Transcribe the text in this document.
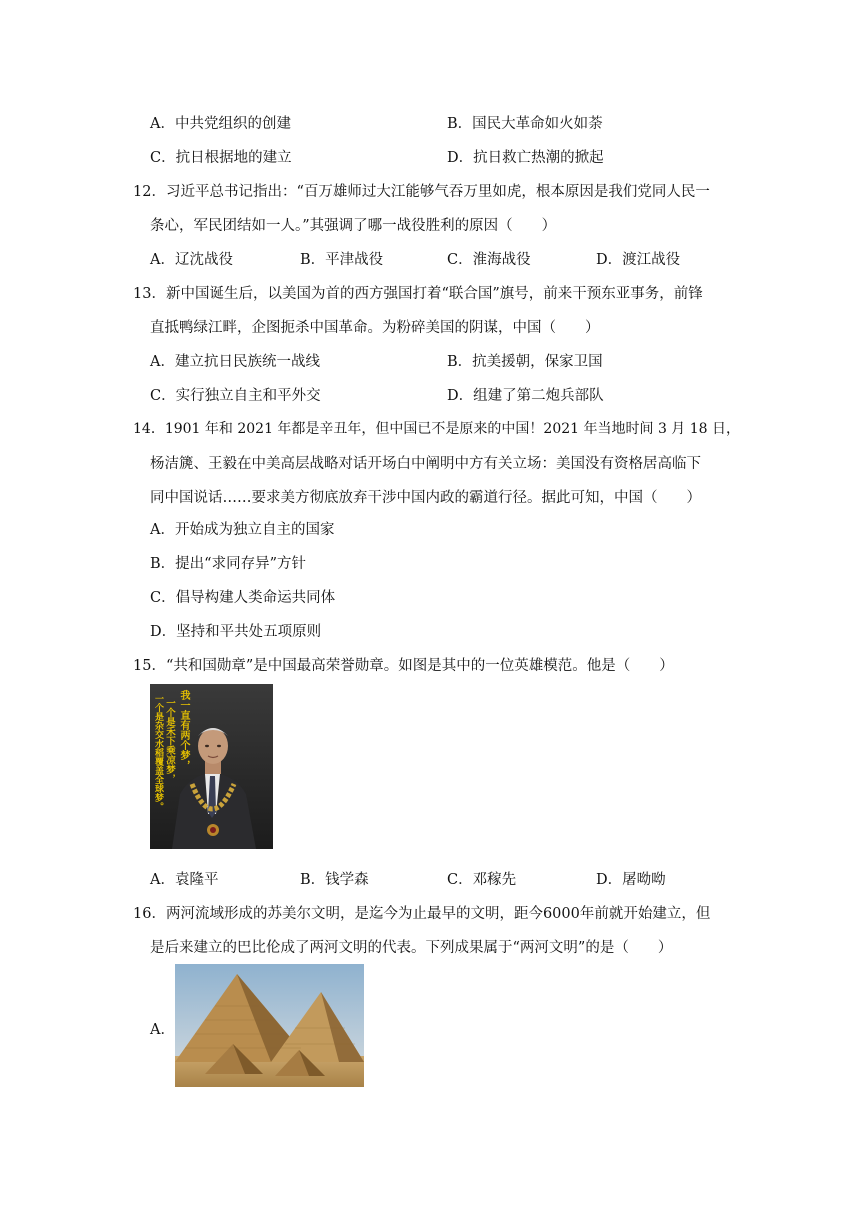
A．中共党组织的创建	B．国民大革命如火如荼
C．抗日根据地的建立	D．抗日救亡热潮的掀起
12．习近平总书记指出：“百万雄师过大江能够气吞万里如虎，根本原因是我们党同人民一
条心，军民团结如一人。”其强调了哪一战役胜利的原因（　　）
A．辽沈战役	B．平津战役	C．淮海战役	D．渡江战役
13．新中国诞生后，以美国为首的西方强国打着“联合国”旗号，前来干预东亚事务，前锋
直抵鸭绿江畔，企图扼杀中国革命。为粉碎美国的阴谋，中国（　　）
A．建立抗日民族统一战线	B．抗美援朝，保家卫国
C．实行独立自主和平外交	D．组建了第二炮兵部队
14．1901 年和 2021 年都是辛丑年，但中国已不是原来的中国！2021 年当地时间 3 月 18 日，
杨洁篪、王毅在中美高层战略对话开场白中阐明中方有关立场：美国没有资格居高临下
同中国说话……要求美方彻底放弃干涉中国内政的霸道行径。据此可知，中国（　　）
A．开始成为独立自主的国家
B．提出“求同存异”方针
C．倡导构建人类命运共同体
D．坚持和平共处五项原则
15．“共和国勋章”是中国最高荣誉勋章。如图是其中的一位英雄模范。他是（　　）
我一直有两个梦，
一个是禾下乘凉梦，
一个是杂交水稻覆盖全球梦。
A．袁隆平	B．钱学森	C．邓稼先	D．屠呦呦
16．两河流域形成的苏美尔文明，是迄今为止最早的文明，距今6000年前就开始建立，但
是后来建立的巴比伦成了两河文明的代表。下列成果属于“两河文明”的是（　　）
A．
